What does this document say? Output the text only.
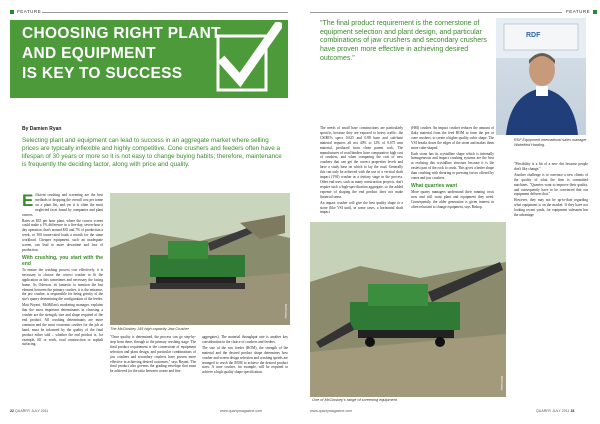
FEATURE
CHOOSING RIGHT PLANT
AND EQUIPMENT
IS KEY TO SUCCESS
By Damien Ryan
Selecting plant and equipment can lead to success in an aggregate market where selling prices are typically inflexible and highly competitive. Cone crushers and feeders often have a lifespan of 30 years or more so it is not easy to change buying habits; therefore, maintenance is frequently the deciding factor, along with price and quality.
E fficient crushing and screening are the best methods of dropping the overall cost per tonne on a plant list, and yet it is often the most neglected facet found by companies and plant owners.

Rates as $35 per hour plant, where the correct screen could make a 1% difference in a five-day, seven-hour a day operation, that's around $35 and 7% of production a week, or 300 tonne-rated loads a month for the same workload. Cheaper equipment, such an inadequate screen, can lead to more downtime and loss of production.

With crushing, you start with the end

To ensure the crushing process cost effectively, it is necessary to choose the correct crusher to fit the application as this sometimes and necessary the facing home. As Oderson, its fantastic to mention the last element between the primary crusher, it is the entrance, the jaw crusher, is responsible for being gravity of the site's quarry determining the configuration of the feeder.

Matt Bryant, McMillan's marketing manager, explains that the most important determinants in choosing a crusher are the strength, size and shape required of the end product. All crushing determinants are more common and the most economic crusher for the job at hand, must be informed by the quality of the final product either sold – whether the end product is, for example, fill or work, road construction or asphalt surfacing.

McCloskey
The McCloskey J45 high capacity Jaw Crusher

"Once quality is determined, the process can go step-by-step from there, through to the primary crushing stage. The final product requirement is the cornerstone of equipment selection and plant design, and particular combinations of jaw crushers and secondary crushers have proven more effective in achieving desired outcomes," says Bryant. The final product also governs the grading envelope that must be achieved (or the ratio between coarse and fine

aggregates). The material throughput rate is another key consideration in the choice of crushers and feeders.

The size of the raw feeder (ROM), the strength of the material and the desired product shape determines how crusher and screen design selection and crushing speeds are arranged to crush the ROM to achieve the desired product sizes. A cone crusher, for example, will be required to achieve a high quality shape specification.

22 QUARRY JULY 2011	www.quarrymagazine.com
FEATURE
"The final product requirement is the cornerstone of equipment selection and plant design, and particular combinations of jaw crushers and secondary crushers have proven more effective in achieving desired outcomes."
RDF
RDF Equipment international sales manager Wakefield Harding.

The needs of small base constructions are particularly specific, because they are exposed to heavy traffic: the CSIRO's specs 0.625 and 0.88 base and sub-base material requires all not 40% to 12% of 0.075 mm material, produced from clean parent rock. The manufacturer of road binders have comparative high cost of crushers, and when comparing the cost of new crushers that can get the correct properties levels and have a study base on which to lay the road. Generally this can only be achieved with the use of a vertical shaft impact (VSI) crusher as a tertiary stage in the process. Other end uses, such as many construction projects, don't require such a high-specification aggregate, so the added expense of shaping the end product does not make financial sense.

An impact crusher will give the best quality shape to a stone (like VSI unit), in some cases, a horizontal shaft impact

(HSI) crusher. An impact crusher reduces the amount of flaky material from the feed ROM to form the pre or cone crushers, to create a higher quality cubic shape. The VSI breaks down the edges of the stone and makes them more cube-shaped.

Each stone has its crystalline shape which is internally homogeneous and impact crushing systems are the best at realising this crystalline structure because it is the easiest part of the rock to crush. This gives a better shape than crushing with shearing or pressing forces offered by cones and jaw crushers.

What quarries want

More quarry managers understand their running costs now and will want plant and equipment they need. Consequently, the older generation is given interest in often reluctant to change equipment, says Bishop.

"Flexibility is a bit of a new dirt because people don't like change,"

Another challenge is to convince a new clients of the quality of what the firm is committed machines. "Quarries want to improve their quality, and consequently have to be convinced that our equipment delivers that."

However, they may not be up-to-date regarding what equipment is on the market. If they have not looking recent yards, for equipment salesmen has the advantage

McCloskey
One of McCloskey's range of screening equipment
www.quarrymagazine.com	QUARRY JULY 2011 23
